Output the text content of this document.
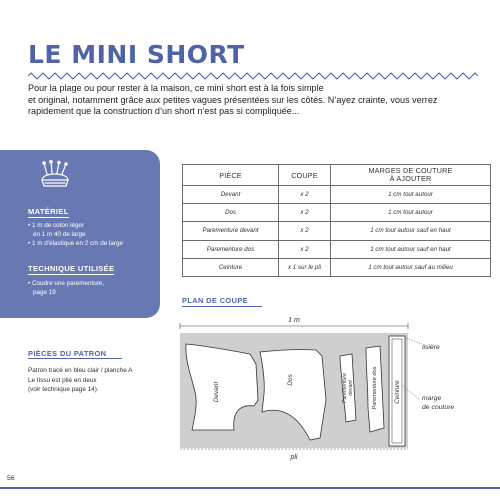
LE MINI SHORT

Pour la plage ou pour rester à la maison, ce mini short est à la fois simple

et original, notamment grâce aux petites vagues présentées sur les côtés. N’ayez crainte, vous verrez

rapidement que la construction d’un short n’est pas si compliquée...

MATÉRIEL
• 1 m de coton léger
en 1 m 40 de large
• 1 m d’élastique en 2 cm de large
TECHNIQUE UTILISÉE
• Coudre une parementure,
page 19
PIÈCE	COUPE	MARGES DE COUTURE
À AJOUTER

Devant	x 2	1 cm tout autour
Dos	x 2	1 cm tout autour
Parementure devant	x 2	1 cm tout autour sauf en haut
Parementure dos	x 2	1 cm tout autour sauf en haut
Ceinture	x 1 sur le pli	1 cm tout autour sauf au milieu
PLAN DE COUPE
1 m
Devant
Dos	Parementure devant	Parementure dos	Ceinture
lisière
marge
de couture
pli
PIÈCES DU PATRON
Patron tracé en bleu clair / planche A
Le tissu est plié en deux
(voir technique page 14).
56
